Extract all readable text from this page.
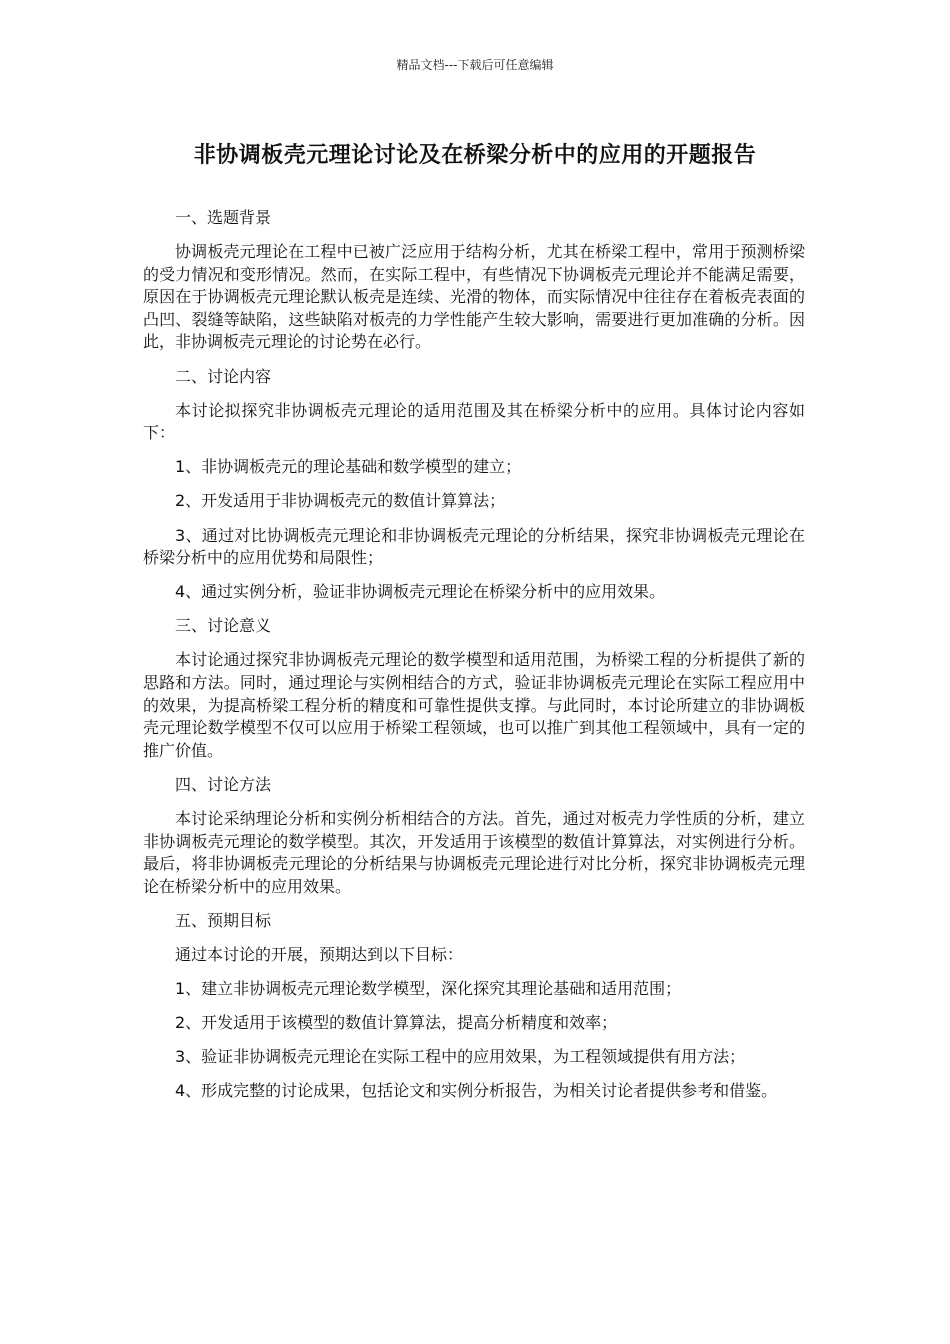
精品文档---下载后可任意编辑
非协调板壳元理论讨论及在桥梁分析中的应用的开题报告

一、选题背景

协调板壳元理论在工程中已被广泛应用于结构分析，尤其在桥梁工程中，常用于预测桥梁的受力情况和变形情况。然而，在实际工程中，有些情况下协调板壳元理论并不能满足需要，原因在于协调板壳元理论默认板壳是连续、光滑的物体，而实际情况中往往存在着板壳表面的凸凹、裂缝等缺陷，这些缺陷对板壳的力学性能产生较大影响，需要进行更加准确的分析。因此，非协调板壳元理论的讨论势在必行。

二、讨论内容

本讨论拟探究非协调板壳元理论的适用范围及其在桥梁分析中的应用。具体讨论内容如下：

1、非协调板壳元的理论基础和数学模型的建立；

2、开发适用于非协调板壳元的数值计算算法；

3、通过对比协调板壳元理论和非协调板壳元理论的分析结果，探究非协调板壳元理论在桥梁分析中的应用优势和局限性；

4、通过实例分析，验证非协调板壳元理论在桥梁分析中的应用效果。

三、讨论意义

本讨论通过探究非协调板壳元理论的数学模型和适用范围，为桥梁工程的分析提供了新的思路和方法。同时，通过理论与实例相结合的方式，验证非协调板壳元理论在实际工程应用中的效果，为提高桥梁工程分析的精度和可靠性提供支撑。与此同时，本讨论所建立的非协调板壳元理论数学模型不仅可以应用于桥梁工程领域，也可以推广到其他工程领域中，具有一定的推广价值。

四、讨论方法

本讨论采纳理论分析和实例分析相结合的方法。首先，通过对板壳力学性质的分析，建立非协调板壳元理论的数学模型。其次，开发适用于该模型的数值计算算法，对实例进行分析。最后，将非协调板壳元理论的分析结果与协调板壳元理论进行对比分析，探究非协调板壳元理论在桥梁分析中的应用效果。

五、预期目标

通过本讨论的开展，预期达到以下目标：

1、建立非协调板壳元理论数学模型，深化探究其理论基础和适用范围；

2、开发适用于该模型的数值计算算法，提高分析精度和效率；

3、验证非协调板壳元理论在实际工程中的应用效果，为工程领域提供有用方法；

4、形成完整的讨论成果，包括论文和实例分析报告，为相关讨论者提供参考和借鉴。
